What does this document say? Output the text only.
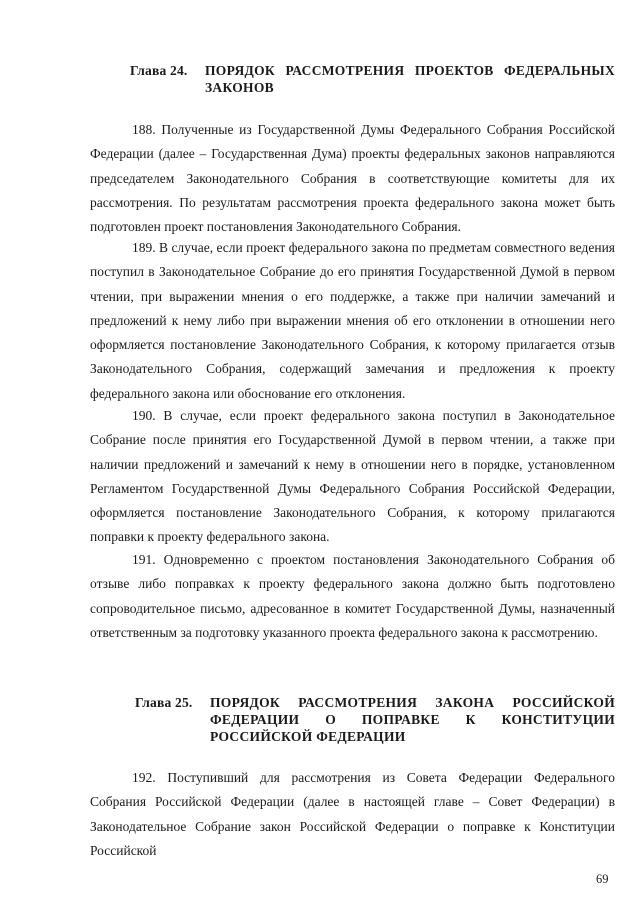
Глава 24.	ПОРЯДОК РАССМОТРЕНИЯ ПРОЕКТОВ ФЕДЕРАЛЬНЫХ ЗАКОНОВ

188. Полученные из Государственной Думы Федерального Собрания Российской Федерации (далее – Государственная Дума) проекты федеральных законов направляются председателем Законодательного Собрания в соответствующие комитеты для их рассмотрения. По результатам рассмотрения проекта федерального закона может быть подготовлен проект постановления Законодательного Собрания.

189. В случае, если проект федерального закона по предметам совместного ведения поступил в Законодательное Собрание до его принятия Государственной Думой в первом чтении, при выражении мнения о его поддержке, а также при наличии замечаний и предложений к нему либо при выражении мнения об его отклонении в отношении него оформляется постановление Законодательного Собрания, к которому прилагается отзыв Законодательного Собрания, содержащий замечания и предложения к проекту федерального закона или обоснование его отклонения.

190. В случае, если проект федерального закона поступил в Законодательное Собрание после принятия его Государственной Думой в первом чтении, а также при наличии предложений и замечаний к нему в отношении него в порядке, установленном Регламентом Государственной Думы Федерального Собрания Российской Федерации, оформляется постановление Законодательного Собрания, к которому прилагаются поправки к проекту федерального закона.

191. Одновременно с проектом постановления Законодательного Собрания об отзыве либо поправках к проекту федерального закона должно быть подготовлено сопроводительное письмо, адресованное в комитет Государственной Думы, назначенный ответственным за подготовку указанного проекта федерального закона к рассмотрению.

Глава 25.	ПОРЯДОК РАССМОТРЕНИЯ ЗАКОНА РОССИЙСКОЙ ФЕДЕРАЦИИ О ПОПРАВКЕ К КОНСТИТУЦИИ РОССИЙСКОЙ ФЕДЕРАЦИИ

192. Поступивший для рассмотрения из Совета Федерации Федерального Собрания Российской Федерации (далее в настоящей главе – Совет Федерации) в Законодательное Собрание закон Российской Федерации о поправке к Конституции Российской

69
